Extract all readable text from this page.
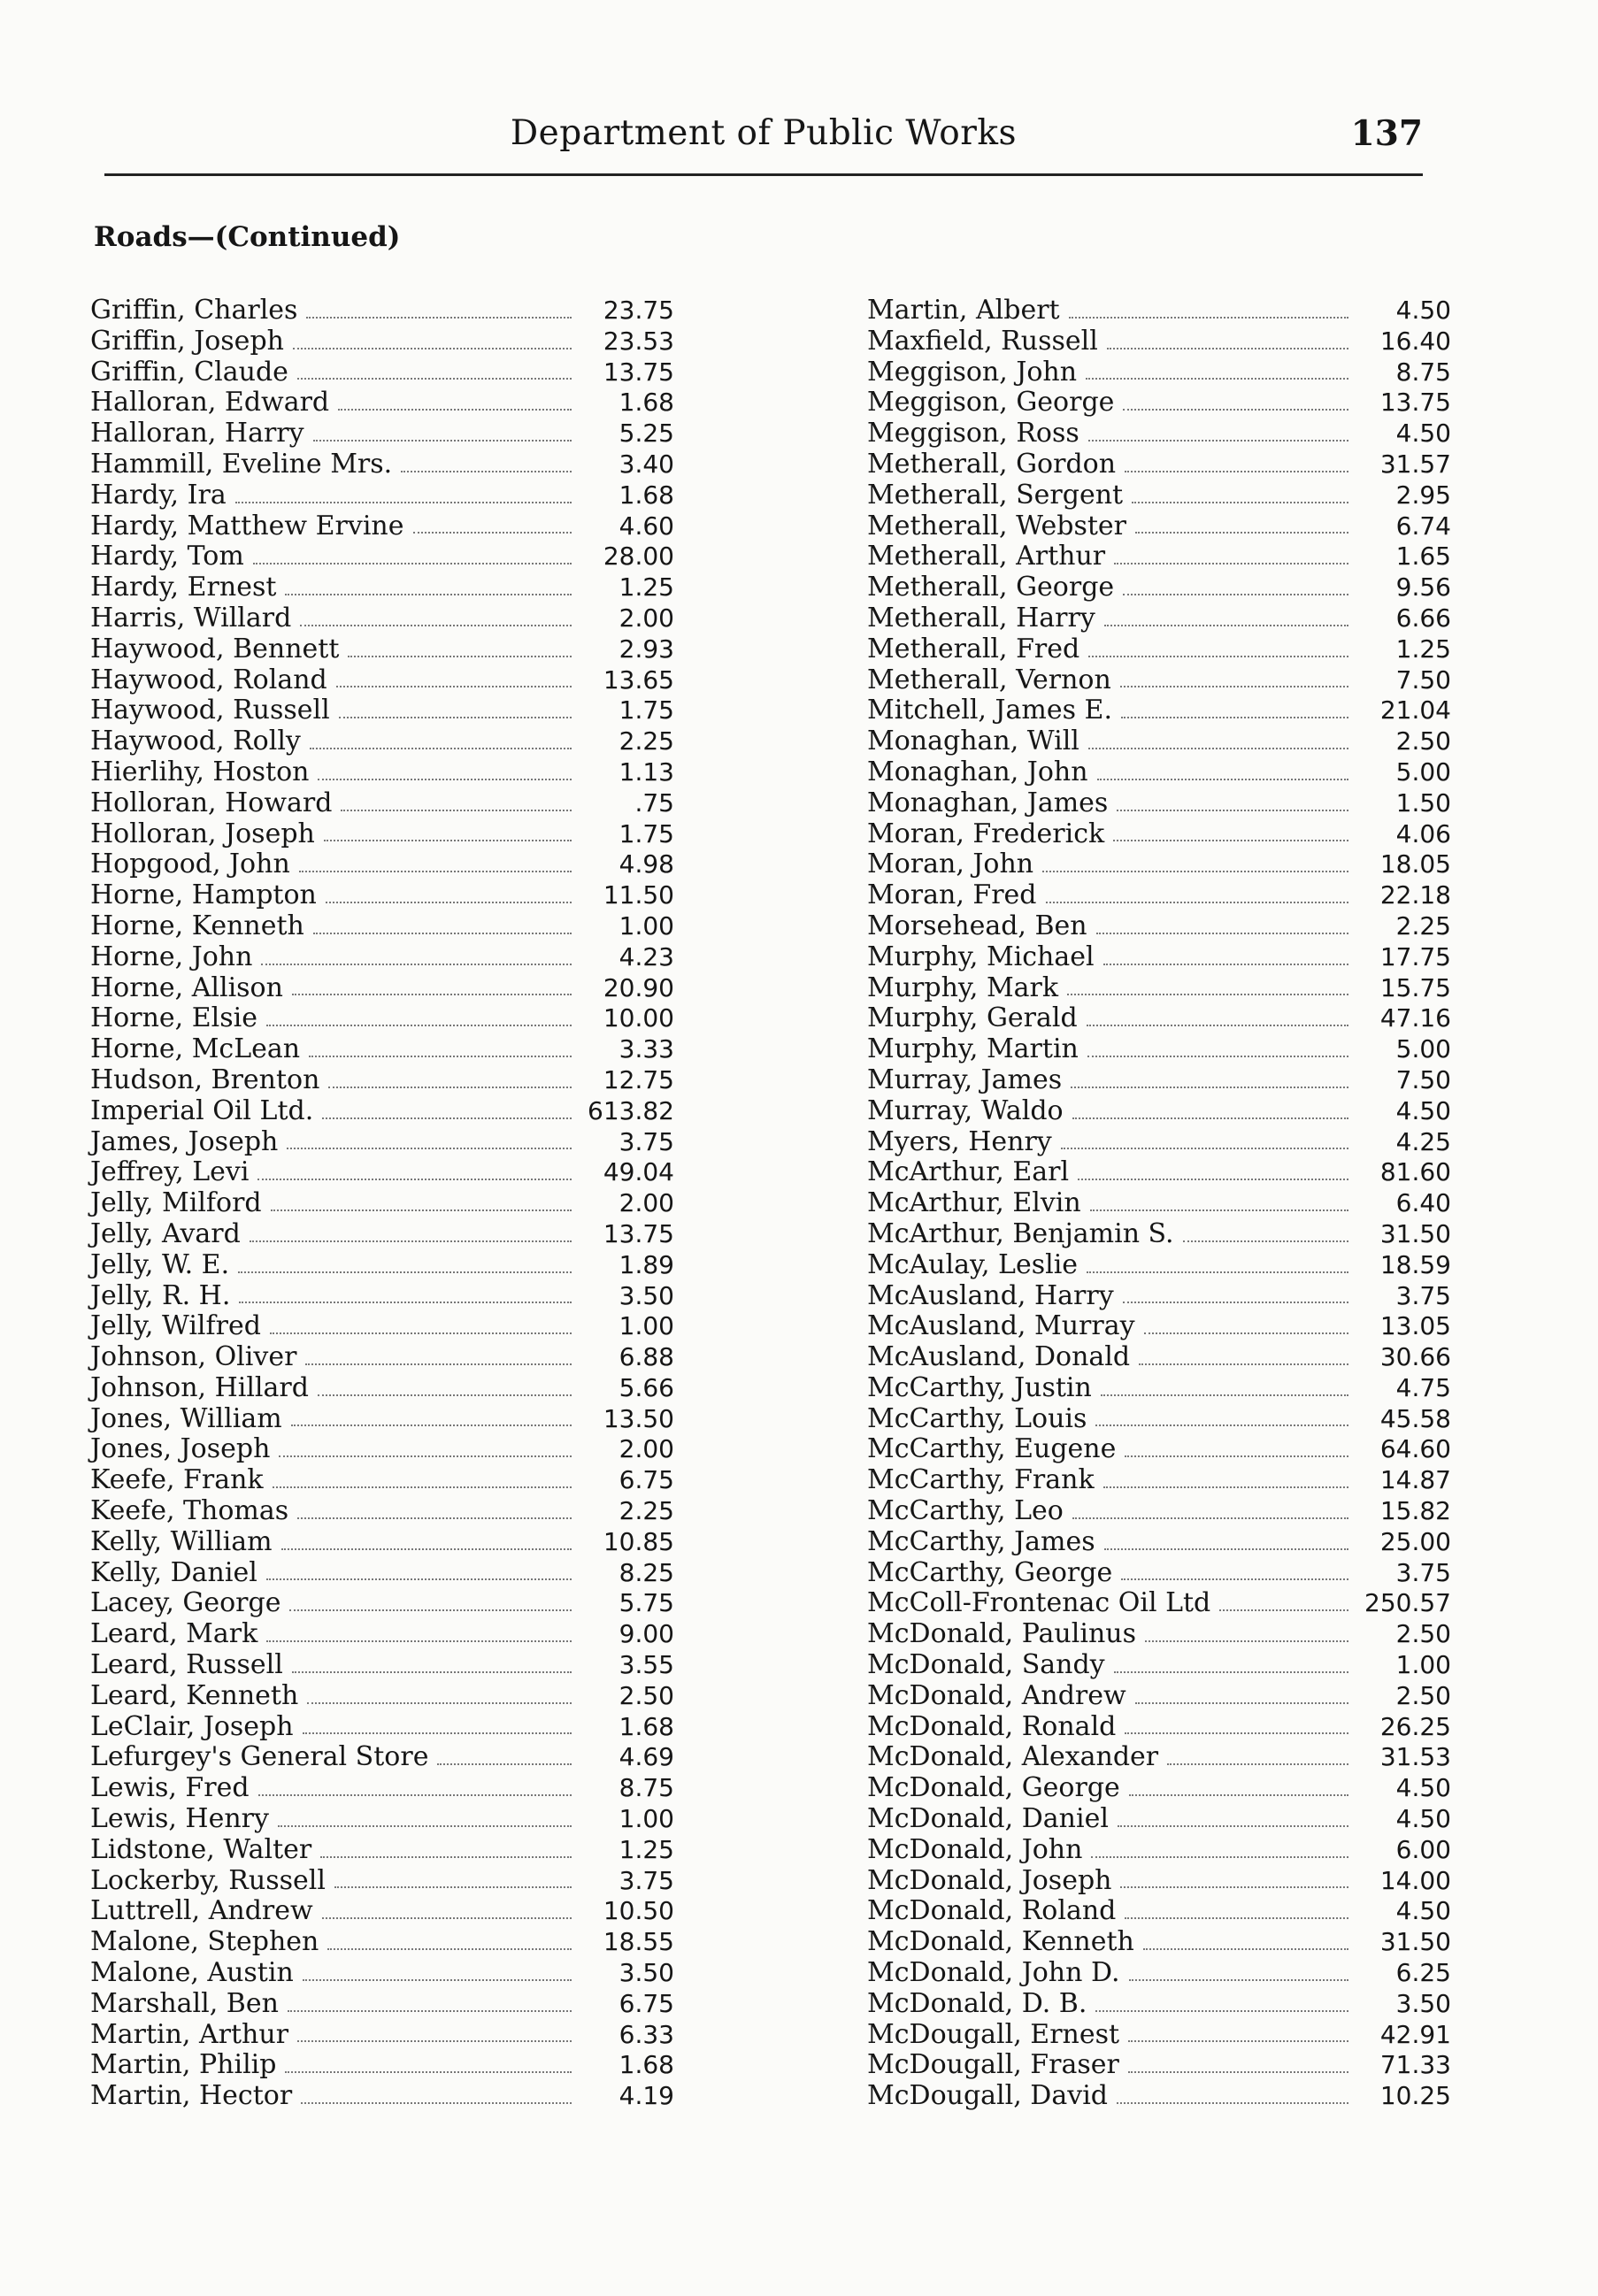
Department of Public Works	137
Roads—(Continued)
Griffin, Charles	23.75
Griffin, Joseph	23.53
Griffin, Claude	13.75
Halloran, Edward	1.68
Halloran, Harry	5.25
Hammill, Eveline Mrs.	3.40
Hardy, Ira	1.68
Hardy, Matthew Ervine	4.60
Hardy, Tom	28.00
Hardy, Ernest	1.25
Harris, Willard	2.00
Haywood, Bennett	2.93
Haywood, Roland	13.65
Haywood, Russell	1.75
Haywood, Rolly	2.25
Hierlihy, Hoston	1.13
Holloran, Howard	.75
Holloran, Joseph	1.75
Hopgood, John	4.98
Horne, Hampton	11.50
Horne, Kenneth	1.00
Horne, John	4.23
Horne, Allison	20.90
Horne, Elsie	10.00
Horne, McLean	3.33
Hudson, Brenton	12.75
Imperial Oil Ltd.	613.82
James, Joseph	3.75
Jeffrey, Levi	49.04
Jelly, Milford	2.00
Jelly, Avard	13.75
Jelly, W. E.	1.89
Jelly, R. H.	3.50
Jelly, Wilfred	1.00
Johnson, Oliver	6.88
Johnson, Hillard	5.66
Jones, William	13.50
Jones, Joseph	2.00
Keefe, Frank	6.75
Keefe, Thomas	2.25
Kelly, William	10.85
Kelly, Daniel	8.25
Lacey, George	5.75
Leard, Mark	9.00
Leard, Russell	3.55
Leard, Kenneth	2.50
LeClair, Joseph	1.68
Lefurgey's General Store	4.69
Lewis, Fred	8.75
Lewis, Henry	1.00
Lidstone, Walter	1.25
Lockerby, Russell	3.75
Luttrell, Andrew	10.50
Malone, Stephen	18.55
Malone, Austin	3.50
Marshall, Ben	6.75
Martin, Arthur	6.33
Martin, Philip	1.68
Martin, Hector	4.19
Martin, Albert	4.50
Maxfield, Russell	16.40
Meggison, John	8.75
Meggison, George	13.75
Meggison, Ross	4.50
Metherall, Gordon	31.57
Metherall, Sergent	2.95
Metherall, Webster	6.74
Metherall, Arthur	1.65
Metherall, George	9.56
Metherall, Harry	6.66
Metherall, Fred	1.25
Metherall, Vernon	7.50
Mitchell, James E.	21.04
Monaghan, Will	2.50
Monaghan, John	5.00
Monaghan, James	1.50
Moran, Frederick	4.06
Moran, John	18.05
Moran, Fred	22.18
Morsehead, Ben	2.25
Murphy, Michael	17.75
Murphy, Mark	15.75
Murphy, Gerald	47.16
Murphy, Martin	5.00
Murray, James	7.50
Murray, Waldo	4.50
Myers, Henry	4.25
McArthur, Earl	81.60
McArthur, Elvin	6.40
McArthur, Benjamin S.	31.50
McAulay, Leslie	18.59
McAusland, Harry	3.75
McAusland, Murray	13.05
McAusland, Donald	30.66
McCarthy, Justin	4.75
McCarthy, Louis	45.58
McCarthy, Eugene	64.60
McCarthy, Frank	14.87
McCarthy, Leo	15.82
McCarthy, James	25.00
McCarthy, George	3.75
McColl-Frontenac Oil Ltd	250.57
McDonald, Paulinus	2.50
McDonald, Sandy	1.00
McDonald, Andrew	2.50
McDonald, Ronald	26.25
McDonald, Alexander	31.53
McDonald, George	4.50
McDonald, Daniel	4.50
McDonald, John	6.00
McDonald, Joseph	14.00
McDonald, Roland	4.50
McDonald, Kenneth	31.50
McDonald, John D.	6.25
McDonald, D. B.	3.50
McDougall, Ernest	42.91
McDougall, Fraser	71.33
McDougall, David	10.25
